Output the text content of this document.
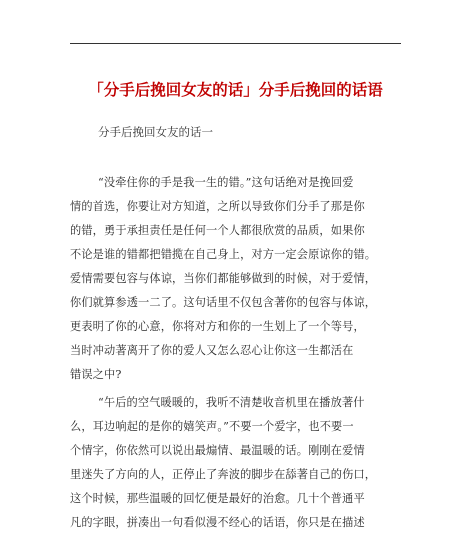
「分手后挽回女友的话」分手后挽回的话语
分手后挽回女友的话一
“没牵住你的手是我一生的错。”这句话绝对是挽回爱
情的首选，你要让对方知道，之所以导致你们分手了那是你
的错，勇于承担责任是任何一个人都很欣赏的品质，如果你
不论是谁的错都把错揽在自己身上，对方一定会原谅你的错。
爱情需要包容与体谅，当你们都能够做到的时候，对于爱情，
你们就算参透一二了。这句话里不仅包含著你的包容与体谅，
更表明了你的心意，你将对方和你的一生划上了一个等号，
当时冲动著离开了你的爱人又怎么忍心让你这一生都活在
错误之中?
“午后的空气暖暖的，我听不清楚收音机里在播放著什
么，耳边响起的是你的嬉笑声。”不要一个爱字，也不要一
个情字，你依然可以说出最煽情、最温暖的话。刚刚在爱情
里迷失了方向的人，正停止了奔波的脚步在舔著自己的伤口，
这个时候，那些温暖的回忆便是最好的治愈。几十个普通平
凡的字眼，拼凑出一句看似漫不经心的话语，你只是在描述
